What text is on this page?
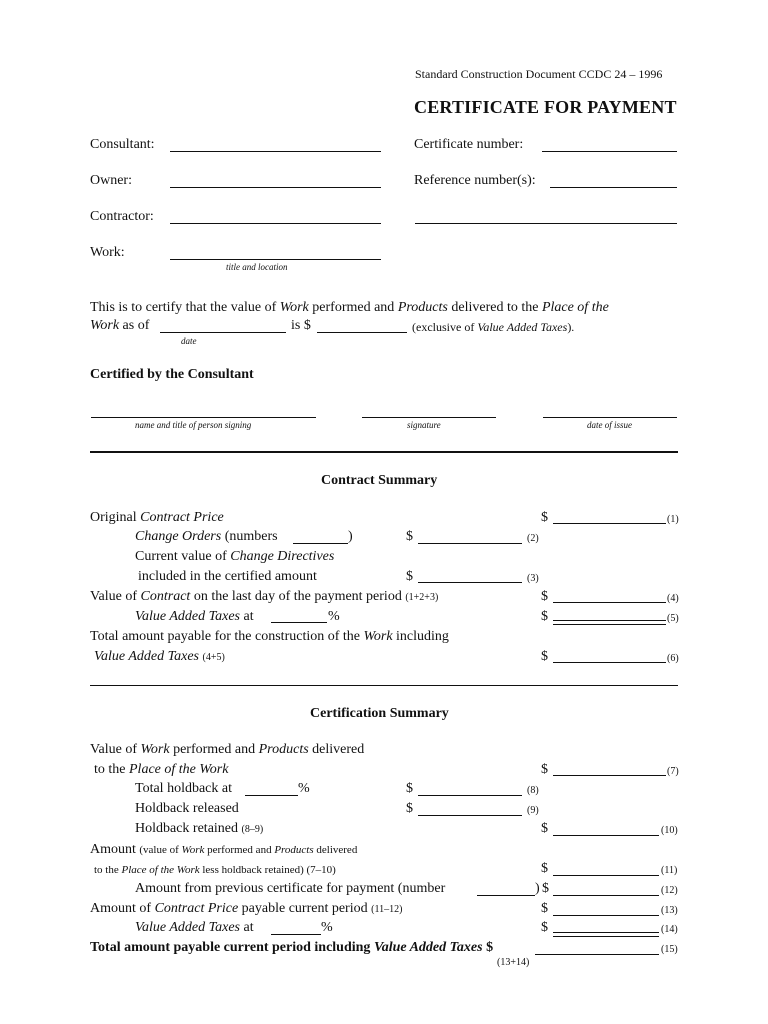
Standard Construction Document CCDC 24 – 1996
CERTIFICATE FOR PAYMENT
Consultant:	Certificate number:
Owner:	Reference number(s):
Contractor:
Work:
title and location
This is to certify that the value of Work performed and Products delivered to the Place of the
Work as of	is $	(exclusive of Value Added Taxes).
date
Certified by the Consultant
name and title of person signing	signature	date of issue
Contract Summary
Original Contract Price	$	(1)
Change Orders (numbers	)	$	(2)
Current value of Change Directives
included in the certified amount	$	(3)
Value of Contract on the last day of the payment period (1+2+3)	$	(4)
Value Added Taxes at	%	$	(5)
Total amount payable for the construction of the Work including
Value Added Taxes (4+5)	$	(6)
Certification Summary
Value of Work performed and Products delivered
to the Place of the Work	$	(7)
Total holdback at	%	$	(8)
Holdback released	$	(9)
Holdback retained (8–9)	$	(10)
Amount (value of Work performed and Products delivered
to the Place of the Work less holdback retained) (7–10)	$	(11)
Amount from previous certificate for payment (number	) $	(12)
Amount of Contract Price payable current period (11–12)	$	(13)
Value Added Taxes at	%	$	(14)
Total amount payable current period including Value Added Taxes $	(15)
(13+14)
